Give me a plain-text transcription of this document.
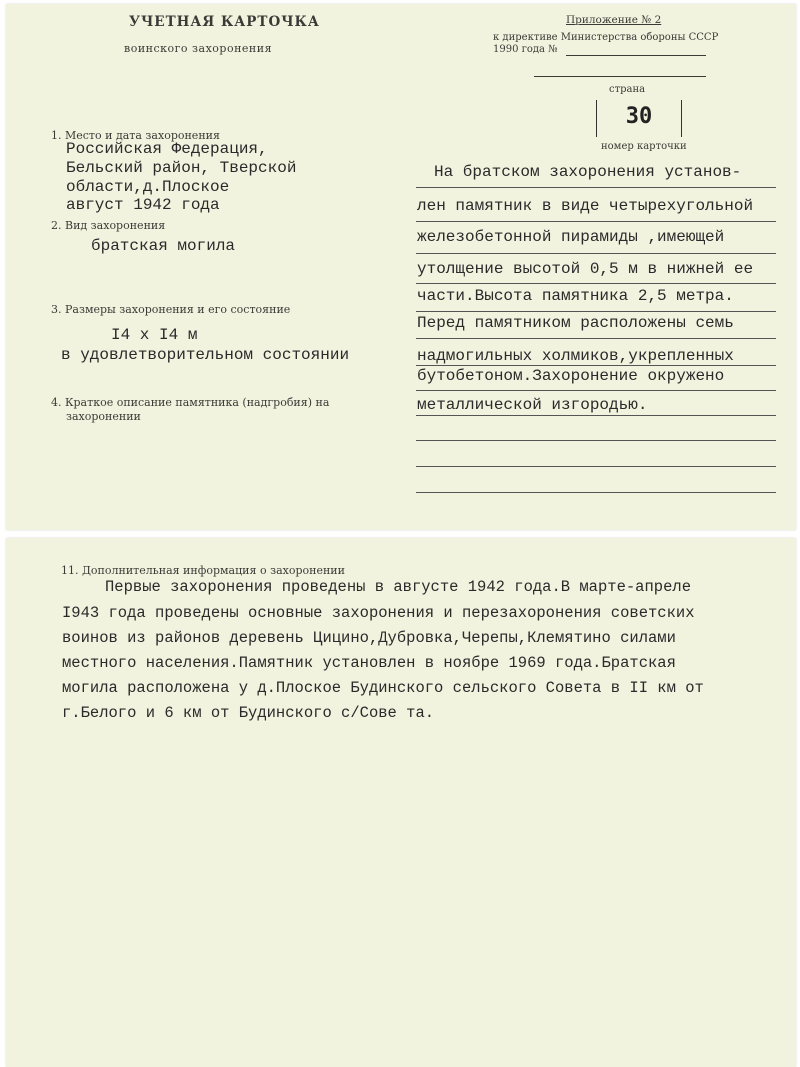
УЧЕТНАЯ КАРТОЧКА
воинского захоронения
Приложение № 2
к директиве Министерства обороны СССР
1990 года №
страна
30
номер карточки
1. Место и дата захоронения
Российская Федерация,
Бельский район, Тверской
области,д.Плоское
август 1942 года
2. Вид захоронения
братская могила
3. Размеры захоронения и его состояние
I4 x I4 м
в удовлетворительном состоянии
4. Краткое описание памятника (надгробия) на
захоронении
На братском захоронения установ-
лен памятник в виде четырехугольной
железобетонной пирамиды ,имеющей
утолщение высотой 0,5 м в нижней ее
части.Высота памятника 2,5 метра.
Перед памятником расположены семь
надмогильных холмиков,укрепленных
бутобетоном.Захоронение окружено
металлической изгородью.
11. Дополнительная информация о захоронении
Первые захоронения проведены в августе 1942 года.В марте-апреле
I943 года проведены основные захоронения и перезахоронения советских
воинов из районов деревень Цицино,Дубровка,Черепы,Клемятино силами
местного населения.Памятник установлен в ноябре 1969 года.Братская
могила расположена у д.Плоское Будинского сельского Совета в II км от
г.Белого и 6 км от Будинского с/Сове та.
